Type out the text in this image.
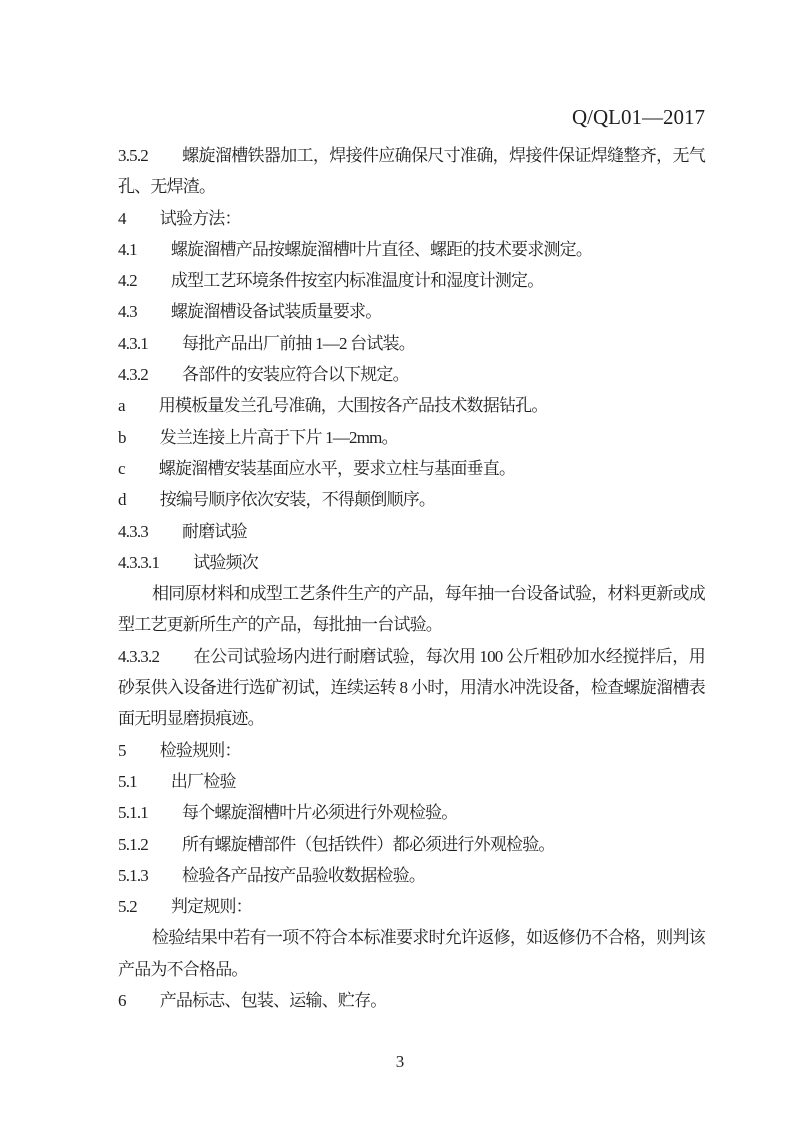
Q/QL01—2017
3.5.2 螺旋溜槽铁器加工，焊接件应确保尺寸准确，焊接件保证焊缝整齐，无气孔、无焊渣。
4 试验方法：
4.1 螺旋溜槽产品按螺旋溜槽叶片直径、螺距的技术要求测定。
4.2 成型工艺环境条件按室内标准温度计和湿度计测定。
4.3 螺旋溜槽设备试装质量要求。
4.3.1 每批产品出厂前抽 1—2 台试装。
4.3.2 各部件的安装应符合以下规定。
a 用模板量发兰孔号准确，大围按各产品技术数据钻孔。
b 发兰连接上片高于下片 1—2mm。
c 螺旋溜槽安装基面应水平，要求立柱与基面垂直。
d 按编号顺序依次安装，不得颠倒顺序。
4.3.3 耐磨试验
4.3.3.1 试验频次
相同原材料和成型工艺条件生产的产品，每年抽一台设备试验，材料更新或成型工艺更新所生产的产品，每批抽一台试验。
4.3.3.2 在公司试验场内进行耐磨试验，每次用 100 公斤粗砂加水经搅拌后，用砂泵供入设备进行选矿初试，连续运转 8 小时，用清水冲洗设备，检查螺旋溜槽表面无明显磨损痕迹。
5 检验规则：
5.1 出厂检验
5.1.1 每个螺旋溜槽叶片必须进行外观检验。
5.1.2 所有螺旋槽部件（包括铁件）都必须进行外观检验。
5.1.3 检验各产品按产品验收数据检验。
5.2 判定规则：
检验结果中若有一项不符合本标准要求时允许返修，如返修仍不合格，则判该产品为不合格品。
6 产品标志、包装、运输、贮存。
3
